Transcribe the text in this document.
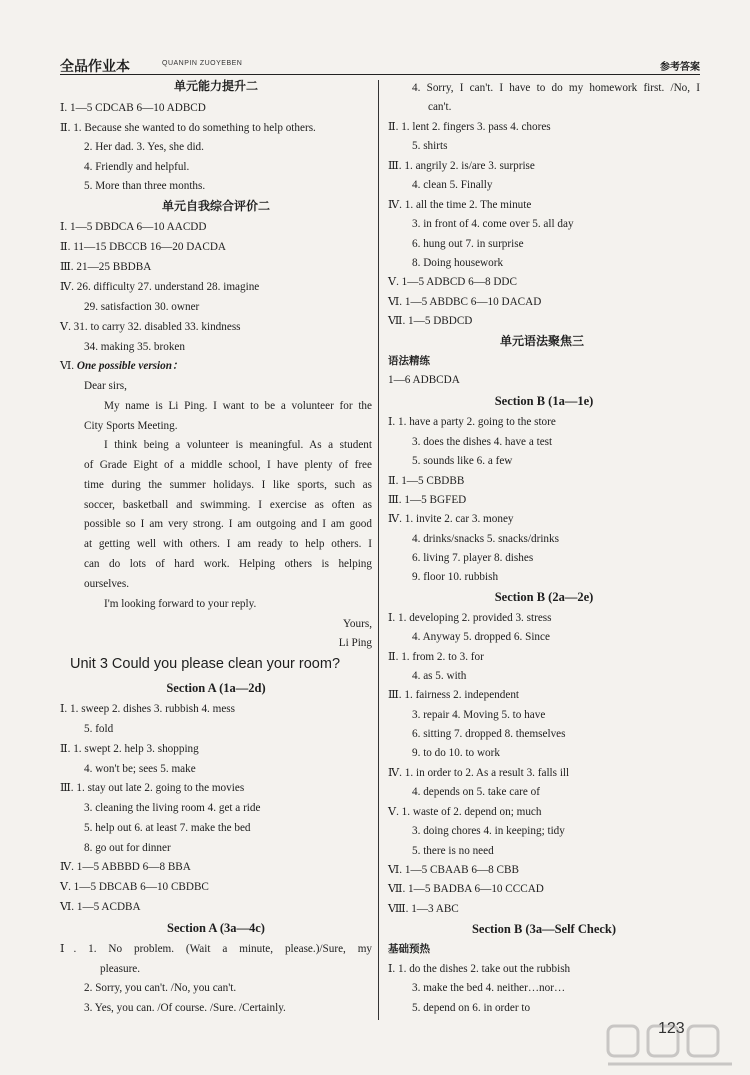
全品作业本	QUANPIN ZUOYEBEN	参考答案
单元能力提升二
Ⅰ. 1—5 CDCAB 6—10 ADBCD
Ⅱ. 1. Because she wanted to do something to help others.
2. Her dad. 3. Yes, she did.
4. Friendly and helpful.
5. More than three months.
单元自我综合评价二
Ⅰ. 1—5 DBDCA 6—10 AACDD
Ⅱ. 11—15 DBCCB 16—20 DACDA
Ⅲ. 21—25 BBDBA
Ⅳ. 26. difficulty 27. understand 28. imagine
29. satisfaction 30. owner
Ⅴ. 31. to carry 32. disabled 33. kindness
34. making 35. broken
Ⅵ. One possible version：
Dear sirs,
My name is Li Ping. I want to be a volunteer for the
City Sports Meeting.
I think being a volunteer is meaningful. As a student
of Grade Eight of a middle school, I have plenty of free
time during the summer holidays. I like sports, such as
soccer, basketball and swimming. I exercise as often as
possible so I am very strong. I am outgoing and I am good
at getting well with others. I am ready to help others. I
can do lots of hard work. Helping others is helping
ourselves.
I'm looking forward to your reply.
Yours,
Li Ping
Unit 3 Could you please clean your room?
Section A (1a—2d)
Ⅰ. 1. sweep 2. dishes 3. rubbish 4. mess
5. fold
Ⅱ. 1. swept 2. help 3. shopping
4. won't be; sees 5. make
Ⅲ. 1. stay out late 2. going to the movies
3. cleaning the living room 4. get a ride
5. help out 6. at least 7. make the bed
8. go out for dinner
Ⅳ. 1—5 ABBBD 6—8 BBA
Ⅴ. 1—5 DBCAB 6—10 CBDBC
Ⅵ. 1—5 ACDBA
Section A (3a—4c)
Ⅰ. 1. No problem. (Wait a minute, please.)/Sure, my
pleasure.
2. Sorry, you can't. /No, you can't.
3. Yes, you can. /Of course. /Sure. /Certainly.
4. Sorry, I can't. I have to do my homework first. /No, I
can't.
Ⅱ. 1. lent 2. fingers 3. pass 4. chores
5. shirts
Ⅲ. 1. angrily 2. is/are 3. surprise
4. clean 5. Finally
Ⅳ. 1. all the time 2. The minute
3. in front of 4. come over 5. all day
6. hung out 7. in surprise
8. Doing housework
Ⅴ. 1—5 ADBCD 6—8 DDC
Ⅵ. 1—5 ABDBC 6—10 DACAD
Ⅶ. 1—5 DBDCD
单元语法聚焦三
语法精练
1—6 ADBCDA
Section B (1a—1e)
Ⅰ. 1. have a party 2. going to the store
3. does the dishes 4. have a test
5. sounds like 6. a few
Ⅱ. 1—5 CBDBB
Ⅲ. 1—5 BGFED
Ⅳ. 1. invite 2. car 3. money
4. drinks/snacks 5. snacks/drinks
6. living 7. player 8. dishes
9. floor 10. rubbish
Section B (2a—2e)
Ⅰ. 1. developing 2. provided 3. stress
4. Anyway 5. dropped 6. Since
Ⅱ. 1. from 2. to 3. for
4. as 5. with
Ⅲ. 1. fairness 2. independent
3. repair 4. Moving 5. to have
6. sitting 7. dropped 8. themselves
9. to do 10. to work
Ⅳ. 1. in order to 2. As a result 3. falls ill
4. depends on 5. take care of
Ⅴ. 1. waste of 2. depend on; much
3. doing chores 4. in keeping; tidy
5. there is no need
Ⅵ. 1—5 CBAAB 6—8 CBB
Ⅶ. 1—5 BADBA 6—10 CCCAD
Ⅷ. 1—3 ABC
Section B (3a—Self Check)
基础预热
Ⅰ. 1. do the dishes 2. take out the rubbish
3. make the bed 4. neither…nor…
5. depend on 6. in order to
123
